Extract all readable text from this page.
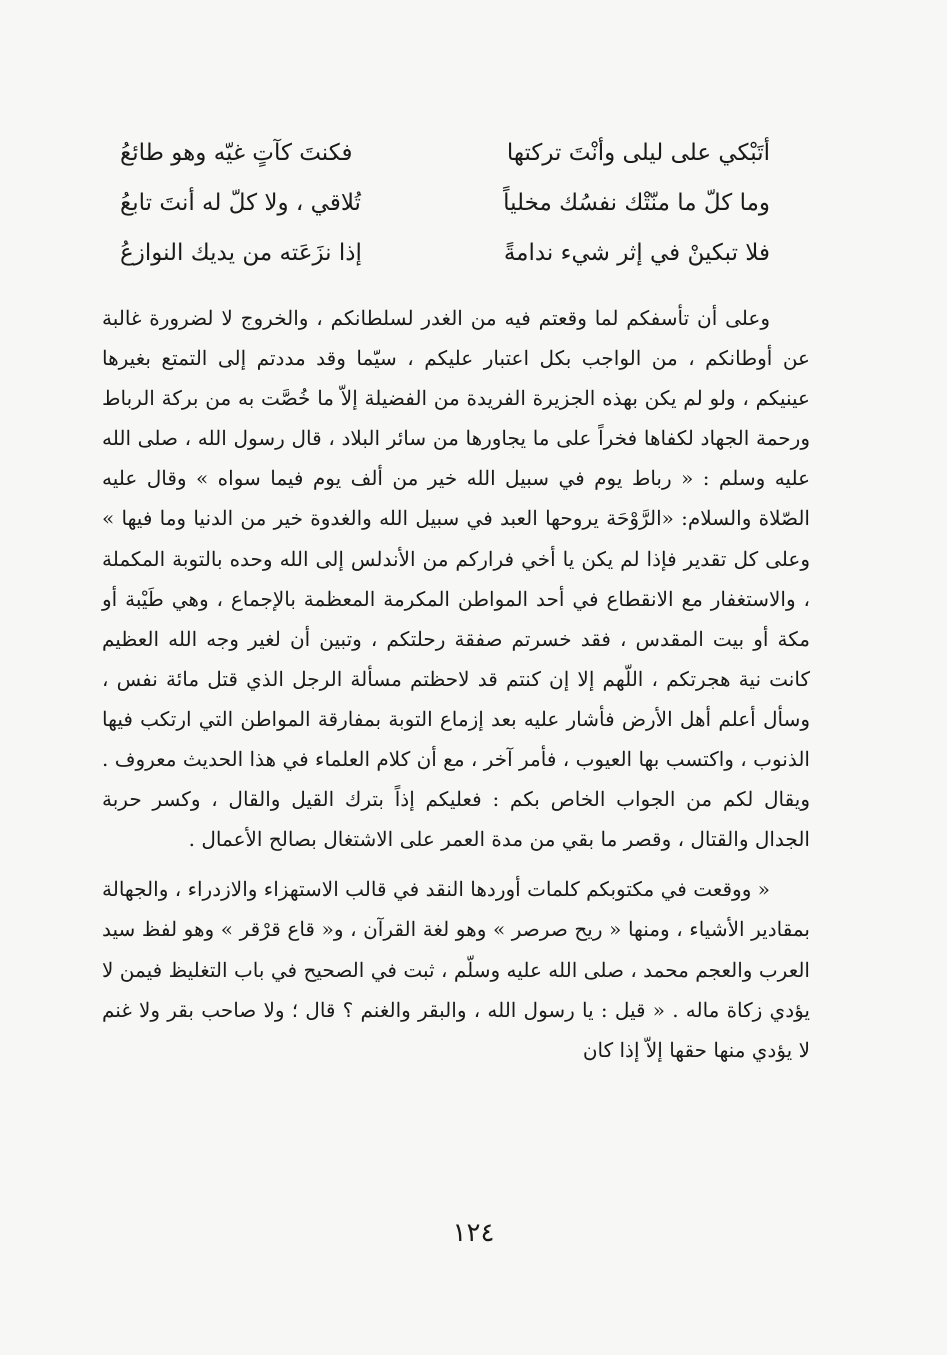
أتَبْكي على ليلى وأنْتَ تركتها
فكنتَ كآتٍ غيّه وهو طائعُ
وما كلّ ما منّتْك نفسُك مخلياً
تُلاقي ، ولا كلّ له أنتَ تابعُ
فلا تبكينْ في إثر شيء ندامةً
إذا نزَعَته من يديك النوازعُ

وعلى أن تأسفكم لما وقعتم فيه من الغدر لسلطانكم ، والخروج لا لضرورة غالبة عن أوطانكم ، من الواجب بكل اعتبار عليكم ، سيّما وقد مددتم إلى التمتع بغيرها عينيكم ، ولو لم يكن بهذه الجزيرة الفريدة من الفضيلة إلاّ ما خُصَّت به من بركة الرباط ورحمة الجهاد لكفاها فخراً على ما يجاورها من سائر البلاد ، قال رسول الله ، صلى الله عليه وسلم : « رباط يوم في سبيل الله خير من ألف يوم فيما سواه » وقال عليه الصّلاة والسلام: «الرَّوْحَة يروحها العبد في سبيل الله والغدوة خير من الدنيا وما فيها » وعلى كل تقدير فإذا لم يكن يا أخي فراركم من الأندلس إلى الله وحده بالتوبة المكملة ، والاستغفار مع الانقطاع في أحد المواطن المكرمة المعظمة بالإجماع ، وهي طَيْبة أو مكة أو بيت المقدس ، فقد خسرتم صفقة رحلتكم ، وتبين أن لغير وجه الله العظيم كانت نية هجرتكم ، اللّهم إلا إن كنتم قد لاحظتم مسألة الرجل الذي قتل مائة نفس ، وسأل أعلم أهل الأرض فأشار عليه بعد إزماع التوبة بمفارقة المواطن التي ارتكب فيها الذنوب ، واكتسب بها العيوب ، فأمر آخر ، مع أن كلام العلماء في هذا الحديث معروف . ويقال لكم من الجواب الخاص بكم : فعليكم إذاً بترك القيل والقال ، وكسر حربة الجدال والقتال ، وقصر ما بقي من مدة العمر على الاشتغال بصالح الأعمال .

« ووقعت في مكتوبكم كلمات أوردها النقد في قالب الاستهزاء والازدراء ، والجهالة بمقادير الأشياء ، ومنها « ريح صرصر » وهو لغة القرآن ، و« قاع قرْقر » وهو لفظ سيد العرب والعجم محمد ، صلى الله عليه وسلّم ، ثبت في الصحيح في باب التغليظ فيمن لا يؤدي زكاة ماله . « قيل : يا رسول الله ، والبقر والغنم ؟ قال ؛ ولا صاحب بقر ولا غنم لا يؤدي منها حقها إلاّ إذا كان

١٢٤
